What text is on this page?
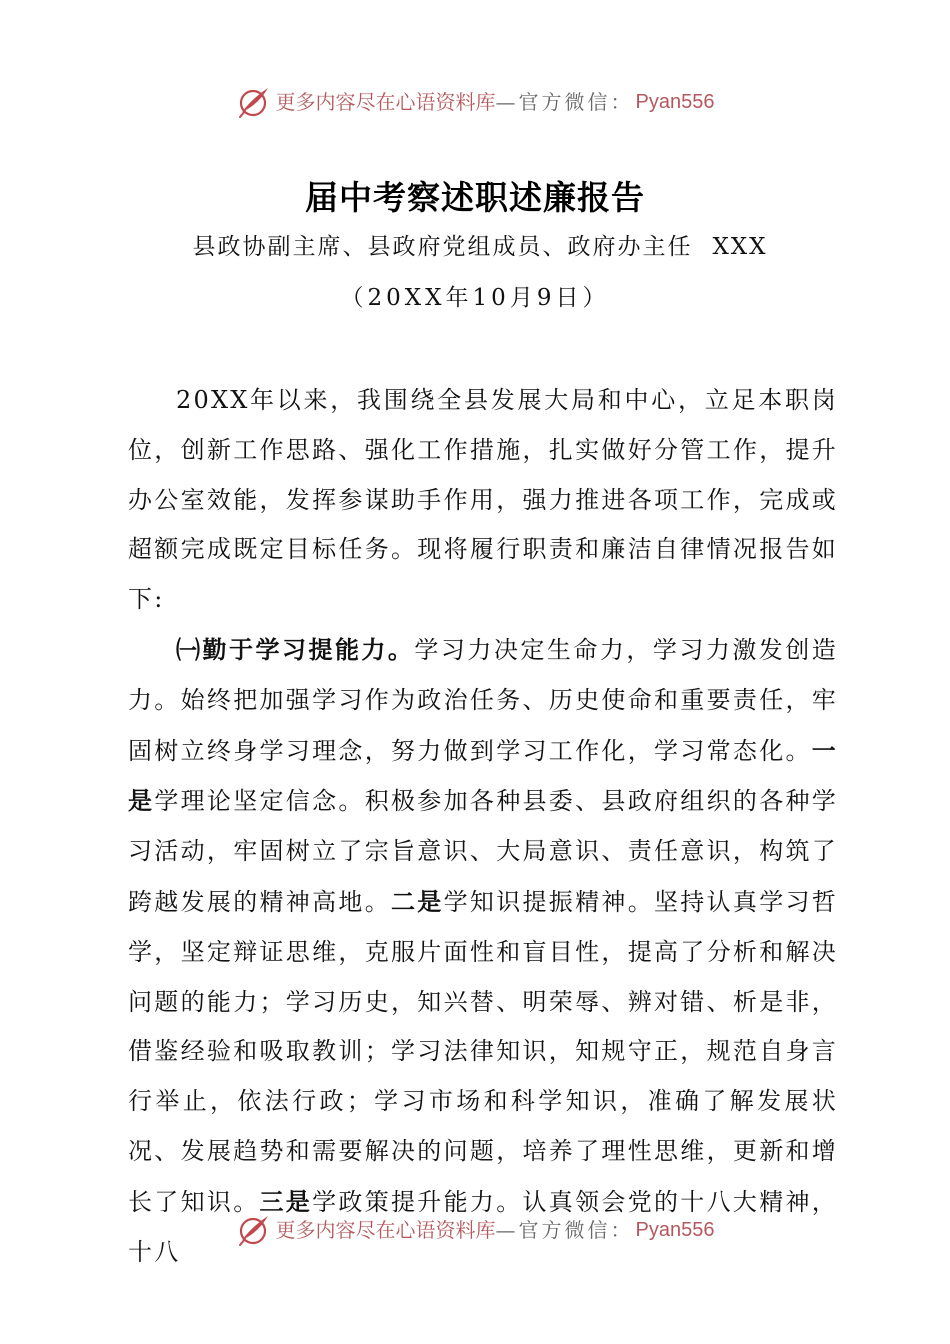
更多内容尽在心语资料库 —官方微信： Pyan556
届中考察述职述廉报告
县政协副主席、县政府党组成员、政府办主任 XXX
（20XX年10月9日）

20XX年以来，我围绕全县发展大局和中心，立足本职岗位，创新工作思路、强化工作措施，扎实做好分管工作，提升办公室效能，发挥参谋助手作用，强力推进各项工作，完成或超额完成既定目标任务。现将履行职责和廉洁自律情况报告如下:

㈠勤于学习提能力。学习力决定生命力，学习力激发创造力。始终把加强学习作为政治任务、历史使命和重要责任，牢固树立终身学习理念，努力做到学习工作化，学习常态化。一是学理论坚定信念。积极参加各种县委、县政府组织的各种学习活动，牢固树立了宗旨意识、大局意识、责任意识，构筑了跨越发展的精神高地。二是学知识提振精神。坚持认真学习哲学，坚定辩证思维，克服片面性和盲目性，提高了分析和解决问题的能力；学习历史，知兴替、明荣辱、辨对错、析是非，借鉴经验和吸取教训；学习法律知识，知规守正，规范自身言行举止，依法行政；学习市场和科学知识，准确了解发展状况、发展趋势和需要解决的问题，培养了理性思维，更新和增长了知识。三是学政策提升能力。认真领会党的十八大精神，十八

更多内容尽在心语资料库 —官方微信： Pyan556
